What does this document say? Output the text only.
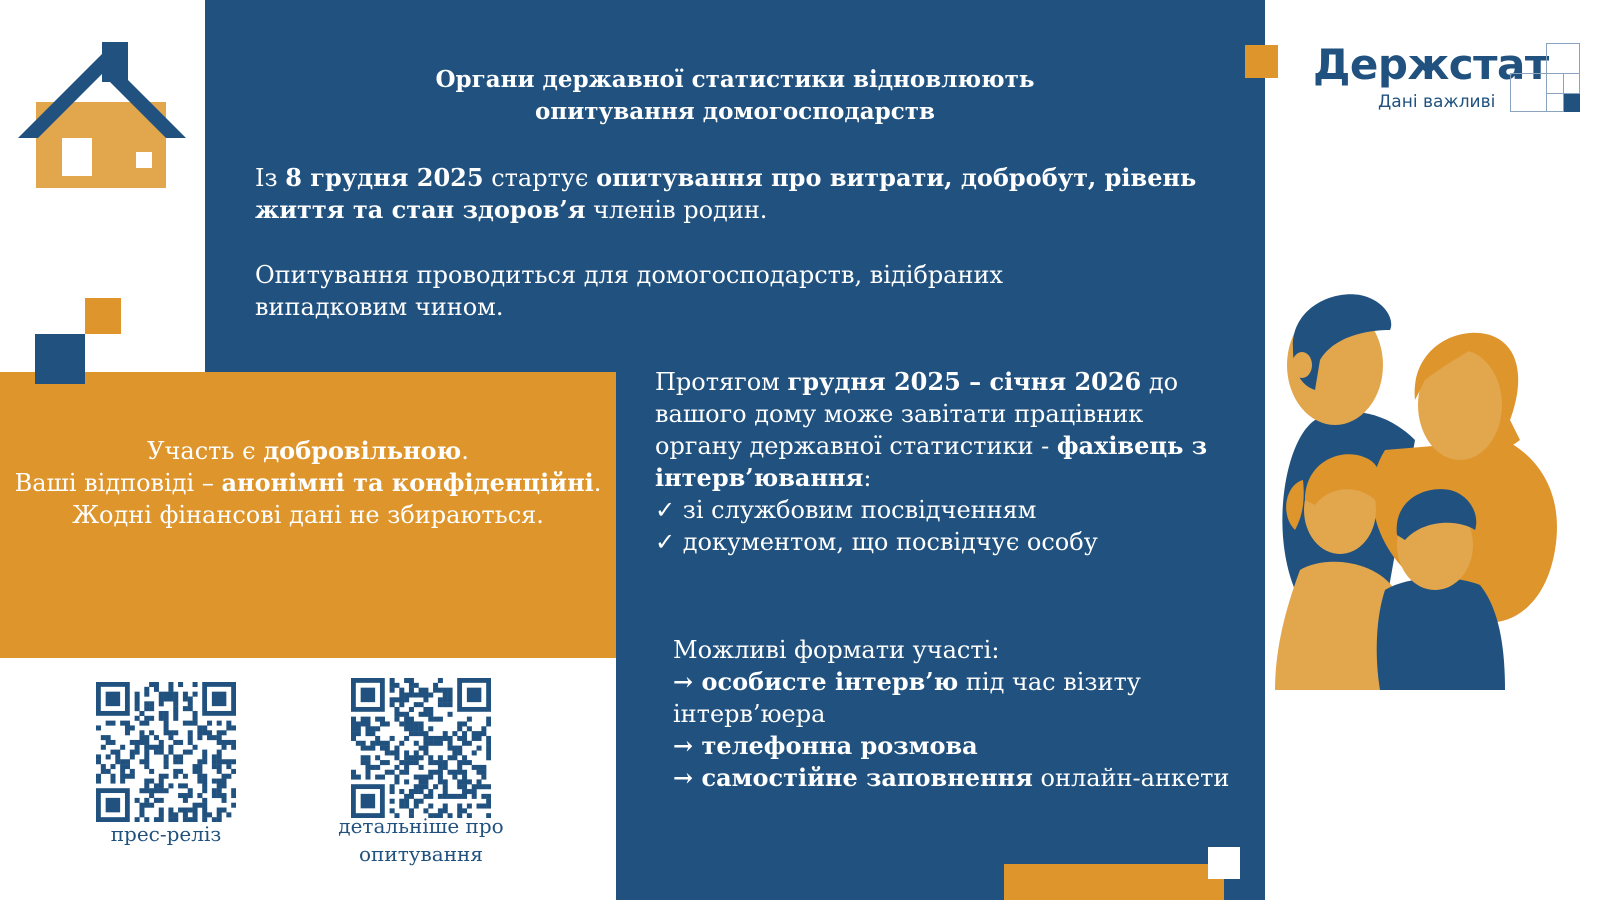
Держстат
Дані важливі
Органи державної статистики відновлюють
опитування домогосподарств
Із 8 грудня 2025 стартує опитування про витрати, добробут, рівень життя та стан здоров’я членів родин.
Опитування проводиться для домогосподарств, відібраних випадковим чином.
Протягом грудня 2025 – січня 2026 до вашого дому може завітати працівник органу державної статистики - фахівець з інтерв’ювання:
✓ зі службовим посвідченням
✓ документом, що посвідчує особу
Можливі формати участі:
→ особисте інтерв’ю під час візиту інтерв’юера
→ телефонна розмова
→ самостійне заповнення онлайн-анкети
Участь є добровільною.
Ваші відповіді – анонімні та конфіденційні.
Жодні фінансові дані не збираються.
прес-реліз	детальніше про опитування
